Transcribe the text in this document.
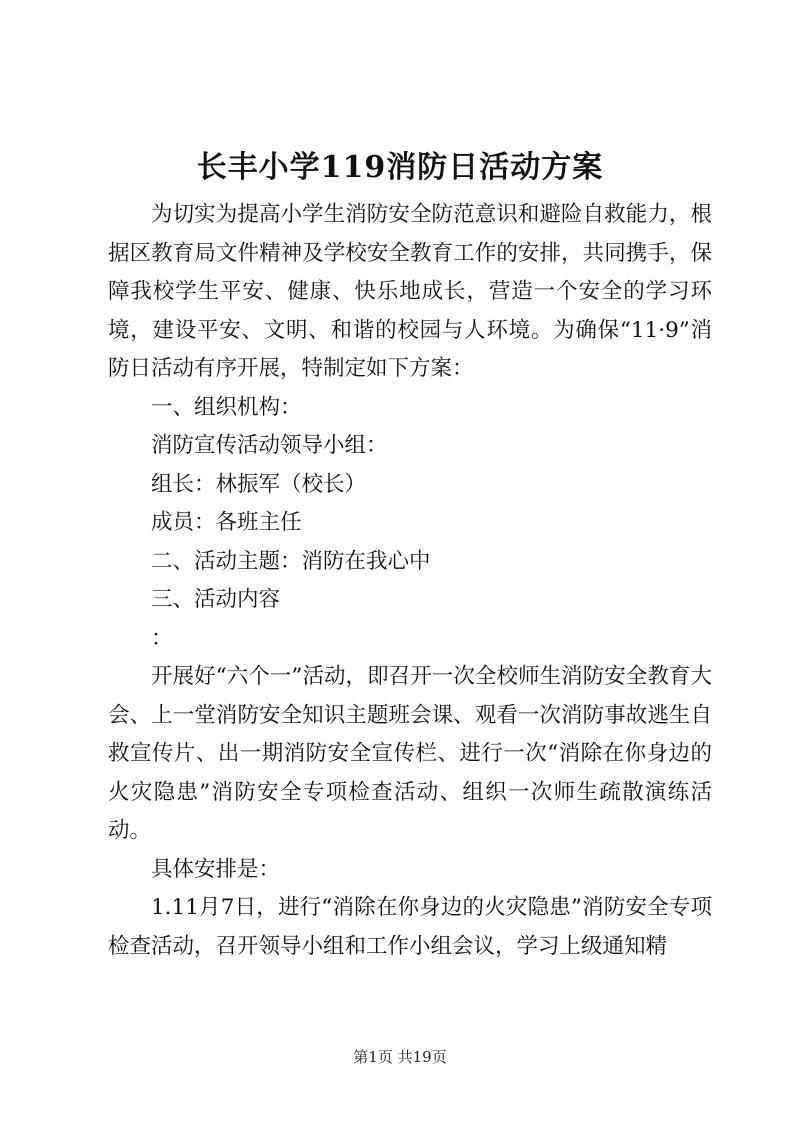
长丰小学119消防日活动方案

为切实为提高小学生消防安全防范意识和避险自救能力，根据区教育局文件精神及学校安全教育工作的安排，共同携手，保障我校学生平安、健康、快乐地成长，营造一个安全的学习环境，建设平安、文明、和谐的校园与人环境。为确保“11·9”消防日活动有序开展，特制定如下方案：

一、组织机构：

消防宣传活动领导小组：

组长：林振军（校长）

成员：各班主任

二、活动主题：消防在我心中

三、活动内容

：

开展好“六个一”活动，即召开一次全校师生消防安全教育大会、上一堂消防安全知识主题班会课、观看一次消防事故逃生自救宣传片、出一期消防安全宣传栏、进行一次“消除在你身边的火灾隐患”消防安全专项检查活动、组织一次师生疏散演练活动。

具体安排是：

1.11月7日，进行“消除在你身边的火灾隐患”消防安全专项检查活动，召开领导小组和工作小组会议，学习上级通知精

第1页 共19页
